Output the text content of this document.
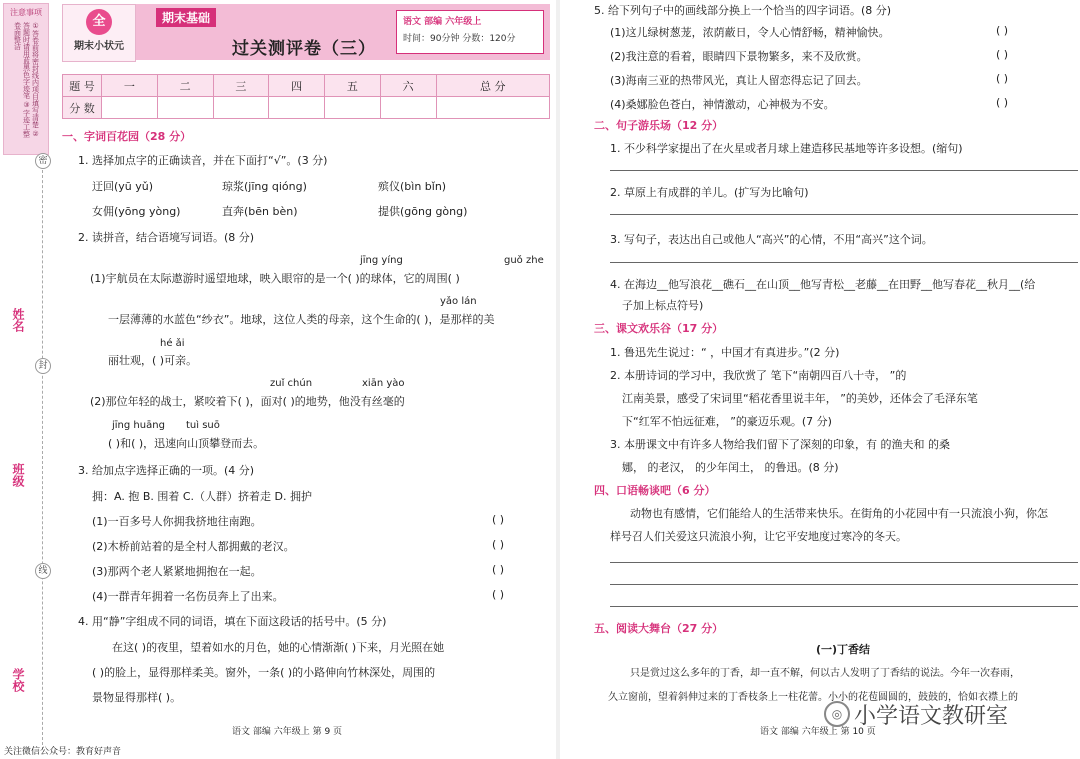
注意事项
①答卷前将密封线内项目填写清楚 ②答题时请用蓝黑色字迹笔 ③字迹工整卷面整洁
密
封
线
姓名
班级
学校
全
期末小状元
期末基础
过关测评卷（三）
语文 部编 六年级上
时间：90分钟 分数：120分
题 号	一	二	三	四	五	六	总 分
分 数							
一、字词百花园（28 分）
1. 选择加点字的正确读音，并在下面打“√”。(3 分)
迂回(yū yǔ)	琼浆(jīng qióng)	殡仪(bìn bǐn)
女佣(yōng yòng)	直奔(bēn bèn)	提供(gōng gòng)
2. 读拼音，结合语境写词语。(8 分)
jīng yíng	guǒ zhe
(1)宇航员在太际遨游时遥望地球，映入眼帘的是一个( )的球体，它的周围( )
yǎo lán
一层薄薄的水蓝色“纱衣”。地球，这位人类的母亲，这个生命的( )，是那样的美
hé ǎi
丽壮观，( )可亲。
zuǐ chún	xiān yào
(2)那位年轻的战士，紧咬着下( )，面对( )的地势，他没有丝毫的
jīng huāng tuì suō
( )和( )，迅速向山顶攀登而去。
3. 给加点字选择正确的一项。(4 分)
拥：A. 抱 B. 围着 C.（人群）挤着走 D. 拥护
(1)一百多号人你拥我挤地往南跑。	( )
(2)木桥前站着的是全村人都拥戴的老汉。	( )
(3)那两个老人紧紧地拥抱在一起。	( )
(4)一群青年拥着一名伤员奔上了出来。	( )
4. 用“静”字组成不同的词语，填在下面这段话的括号中。(5 分)
在这( )的夜里，望着如水的月色，她的心情渐渐( )下来，月光照在她
( )的脸上，显得那样柔美。窗外，一条( )的小路伸向竹林深处，周围的
景物显得那样( )。
语文 部编 六年级上 第 9 页
关注微信公众号：教育好声音
5. 给下列句子中的画线部分换上一个恰当的四字词语。(8 分)
(1)这儿绿树葱茏，浓荫蔽日，令人心情舒畅，精神愉快。	( )
(2)我注意的看着，眼睛四下景物繁多，来不及欣赏。	( )
(3)海南三亚的热带风光，真让人留恋得忘记了回去。	( )
(4)桑娜脸色苍白，神情激动，心神极为不安。	( )
二、句子游乐场（12 分）
1. 不少科学家提出了在火星或者月球上建造移民基地等许多设想。(缩句)
2. 草原上有成群的羊儿。(扩写为比喻句)
3. 写句子，表达出自己或他人“高兴”的心情，不用“高兴”这个词。
4. 在海边__他写浪花__礁石__在山顶__他写青松__老藤__在田野__他写春花__秋月__(给
子加上标点符号)
三、课文欢乐谷（17 分）
1. 鲁迅先生说过：“ ，中国才有真进步。”(2 分)
2. 本册诗词的学习中，我欣赏了 笔下“南朝四百八十寺， ”的
江南美景，感受了宋词里“稻花香里说丰年， ”的美妙，还体会了毛泽东笔
下“红军不怕远征难， ”的豪迈乐观。(7 分)
3. 本册课文中有许多人物给我们留下了深刻的印象，有 的渔夫和 的桑
娜， 的老汉， 的少年闰土， 的鲁迅。(8 分)
四、口语畅谈吧（6 分）
动物也有感情，它们能给人的生活带来快乐。在街角的小花园中有一只流浪小狗，你怎
样号召人们关爱这只流浪小狗，让它平安地度过寒冷的冬天。
五、阅读大舞台（27 分）
(一)丁香结
只是赏过这么多年的丁香，却一直不解，何以古人发明了丁香结的说法。今年一次春雨，
久立窗前，望着斜伸过来的丁香枝条上一柱花蕾。小小的花苞圆圆的，鼓鼓的，恰如衣襟上的
语文 部编 六年级上 第 10 页
◎ 小学语文教研室
